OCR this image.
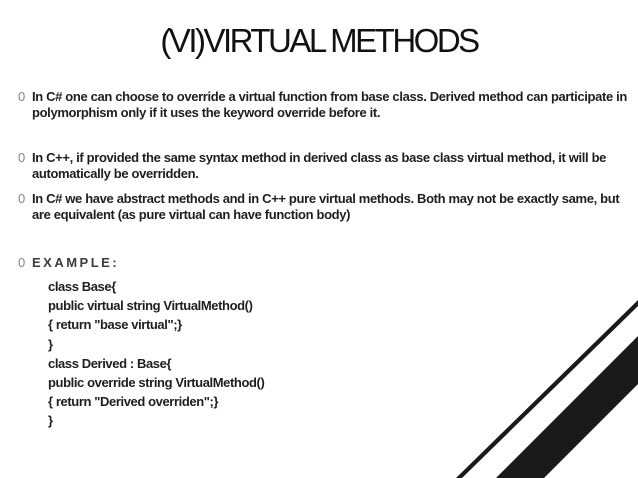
(VI)VIRTUAL METHODS
0 In C# one can choose to override a virtual function from base class. Derived method can participate in polymorphism only if it uses the keyword override before it.
0 In C++, if provided the same syntax method in derived class as base class virtual method, it will be automatically be overridden.
0 In C# we have abstract methods and in C++ pure virtual methods. Both may not be exactly same, but are equivalent (as pure virtual can have function body)
0 EXAMPLE:
class Base{
public virtual string VirtualMethod()
{ return "base virtual";}
}
class Derived : Base{
public override string VirtualMethod()
{ return "Derived overriden";}
}
